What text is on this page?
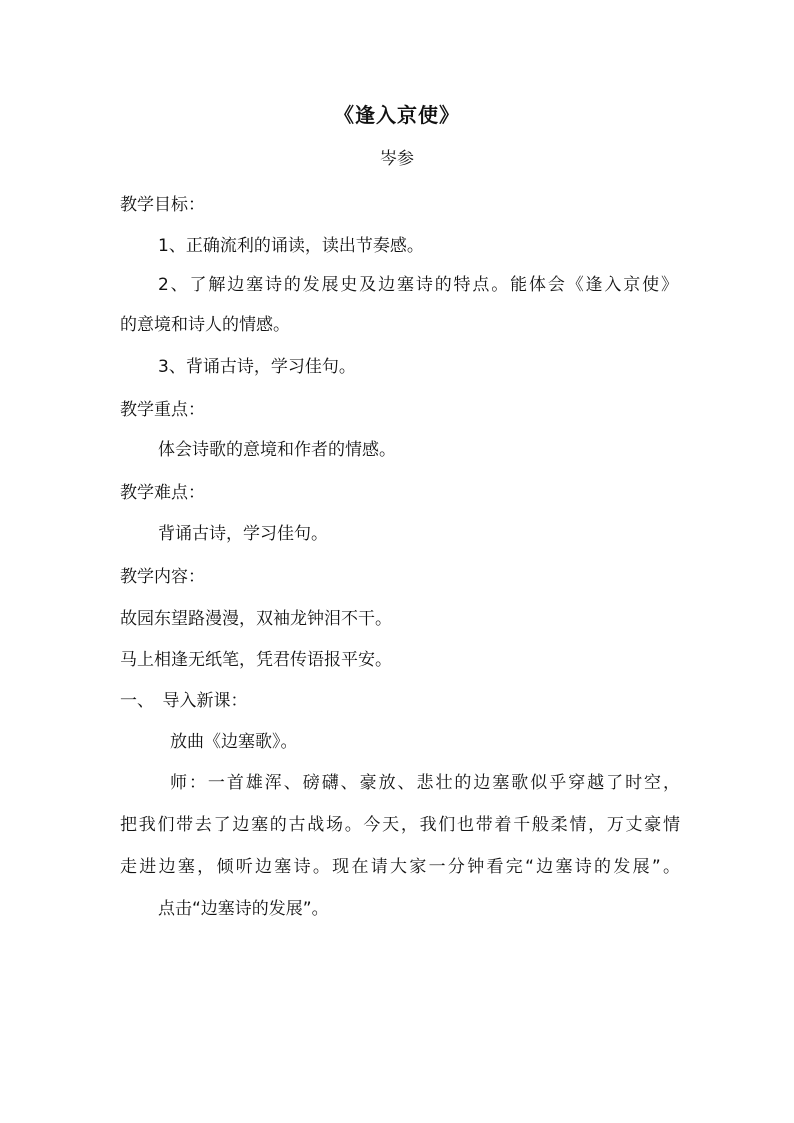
《逢入京使》
岑参
教学目标：
1、正确流利的诵读，读出节奏感。
2、了解边塞诗的发展史及边塞诗的特点。能体会《逢入京使》
的意境和诗人的情感。
3、背诵古诗，学习佳句。
教学重点：
体会诗歌的意境和作者的情感。
教学难点：
背诵古诗，学习佳句。
教学内容：
故园东望路漫漫，双袖龙钟泪不干。
马上相逢无纸笔，凭君传语报平安。
一、　导入新课：
放曲《边塞歌》。
师：一首雄浑、磅礴、豪放、悲壮的边塞歌似乎穿越了时空，
把我们带去了边塞的古战场。今天，我们也带着千般柔情，万丈豪情
走进边塞，倾听边塞诗。现在请大家一分钟看完“边塞诗的发展”。
点击“边塞诗的发展”。
